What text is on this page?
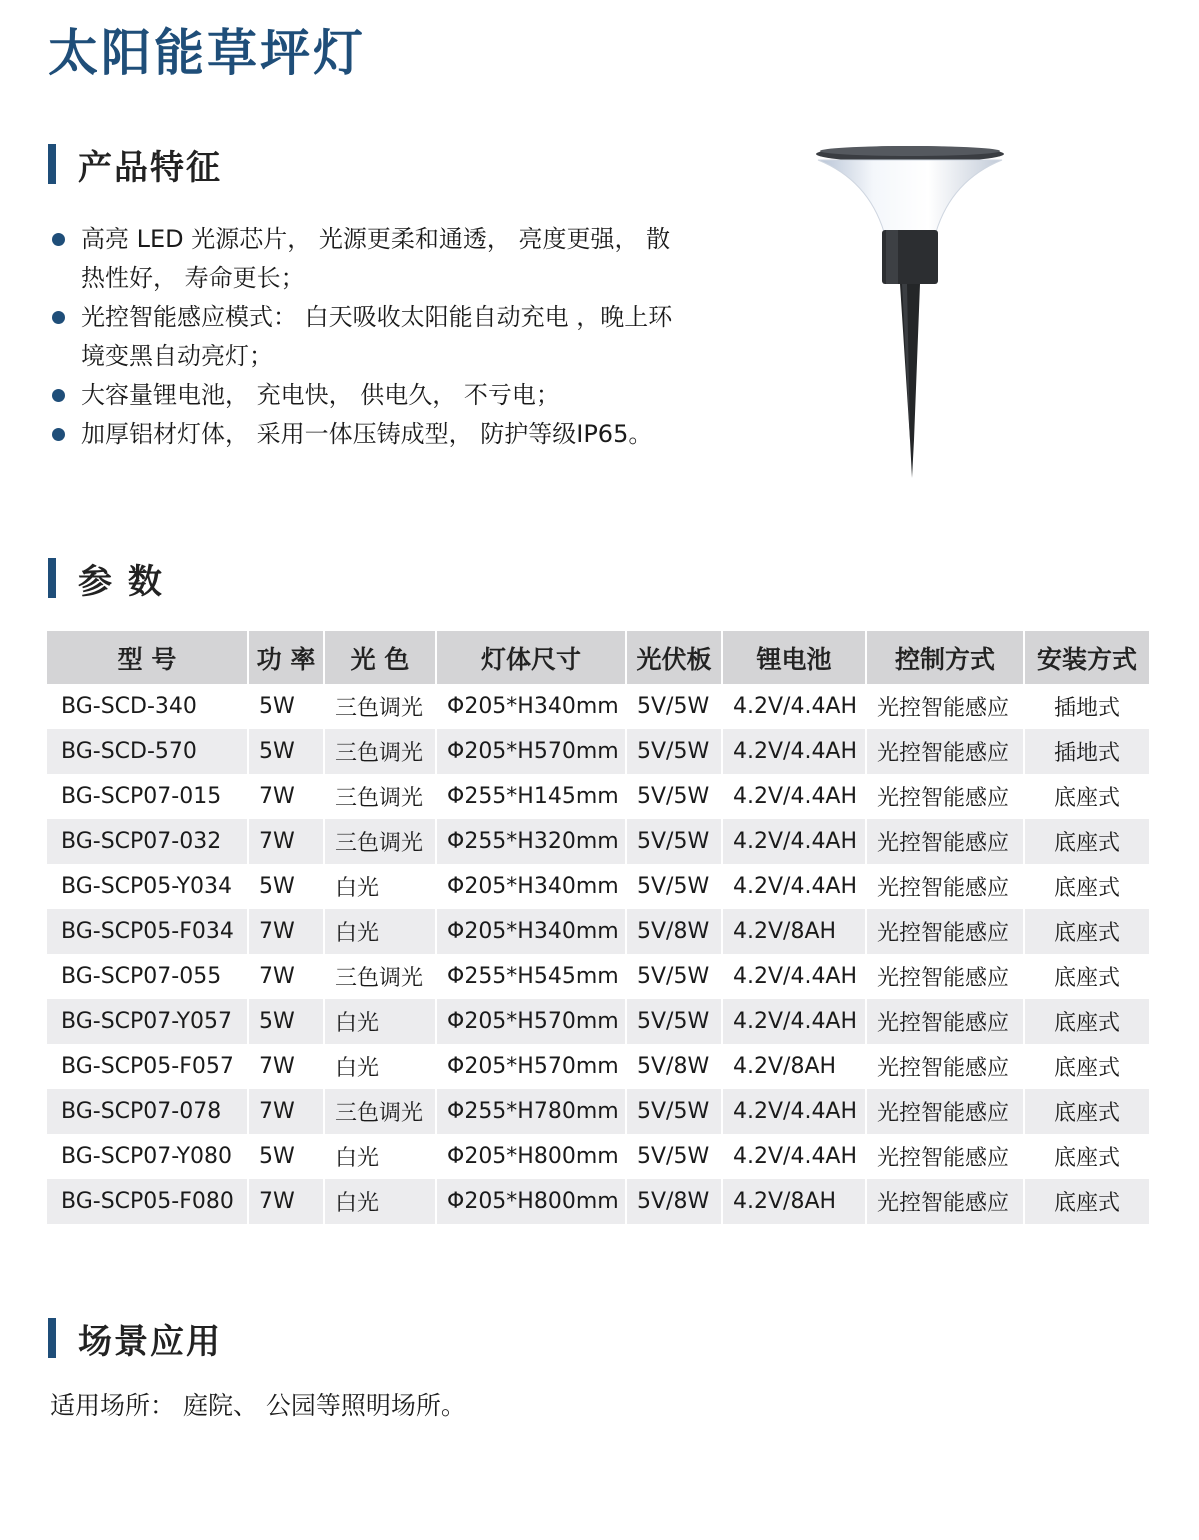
太阳能草坪灯
产品特征
高亮 LED 光源芯片， 光源更柔和通透， 亮度更强， 散热性好， 寿命更长；
光控智能感应模式： 白天吸收太阳能自动充电 ，晚上环境变黑自动亮灯；
大容量锂电池， 充电快， 供电久， 不亏电；
加厚铝材灯体， 采用一体压铸成型， 防护等级IP65。
参 数
型 号	功 率	光 色	灯体尺寸	光伏板	锂电池	控制方式	安装方式
BG-SCD-340	5W	三色调光	Φ205*H340mm	5V/5W	4.2V/4.4AH	光控智能感应	插地式
BG-SCD-570	5W	三色调光	Φ205*H570mm	5V/5W	4.2V/4.4AH	光控智能感应	插地式
BG-SCP07-015	7W	三色调光	Φ255*H145mm	5V/5W	4.2V/4.4AH	光控智能感应	底座式
BG-SCP07-032	7W	三色调光	Φ255*H320mm	5V/5W	4.2V/4.4AH	光控智能感应	底座式
BG-SCP05-Y034	5W	白光	Φ205*H340mm	5V/5W	4.2V/4.4AH	光控智能感应	底座式
BG-SCP05-F034	7W	白光	Φ205*H340mm	5V/8W	4.2V/8AH	光控智能感应	底座式
BG-SCP07-055	7W	三色调光	Φ255*H545mm	5V/5W	4.2V/4.4AH	光控智能感应	底座式
BG-SCP07-Y057	5W	白光	Φ205*H570mm	5V/5W	4.2V/4.4AH	光控智能感应	底座式
BG-SCP05-F057	7W	白光	Φ205*H570mm	5V/8W	4.2V/8AH	光控智能感应	底座式
BG-SCP07-078	7W	三色调光	Φ255*H780mm	5V/5W	4.2V/4.4AH	光控智能感应	底座式
BG-SCP07-Y080	5W	白光	Φ205*H800mm	5V/5W	4.2V/4.4AH	光控智能感应	底座式
BG-SCP05-F080	7W	白光	Φ205*H800mm	5V/8W	4.2V/8AH	光控智能感应	底座式
场景应用

适用场所： 庭院、 公园等照明场所。
